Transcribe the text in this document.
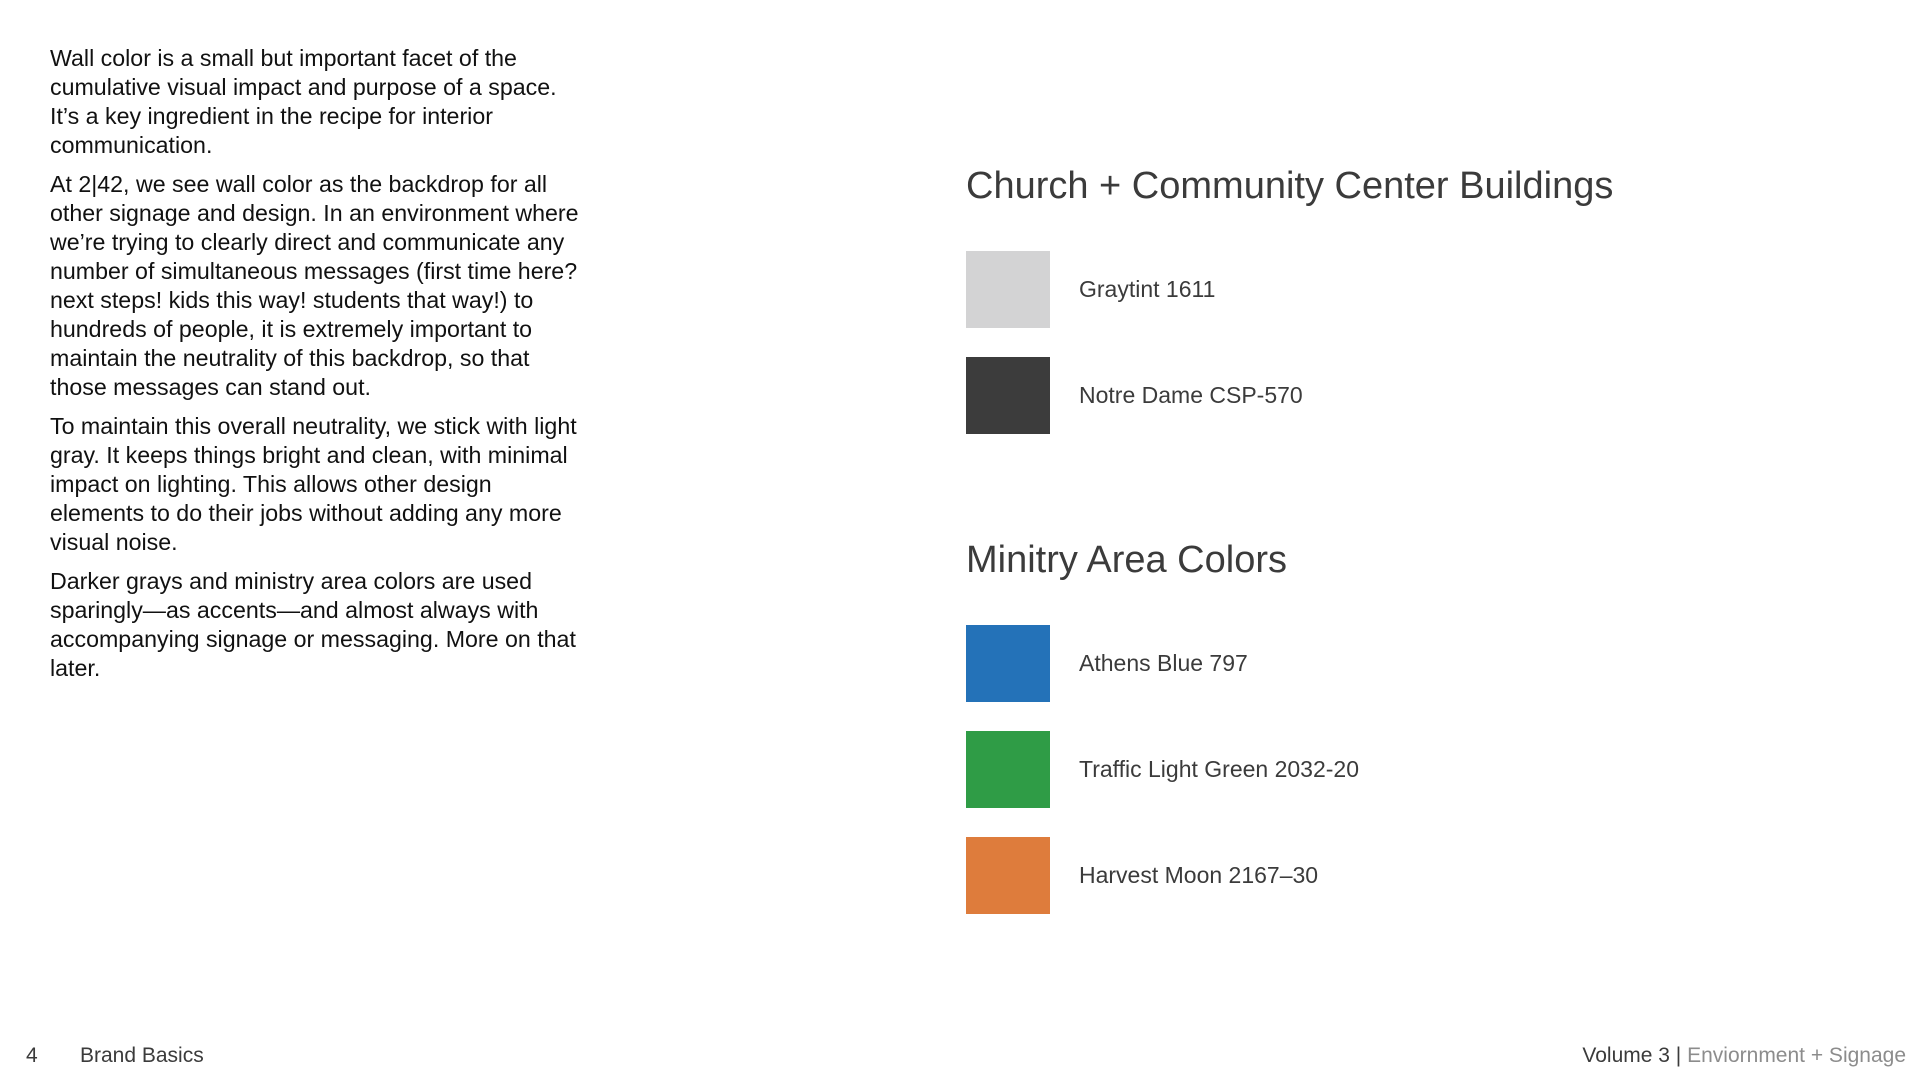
Wall color is a small but important facet of the cumulative visual impact and purpose of a space. It’s a key ingredient in the recipe for interior communication.

At 2|42, we see wall color as the backdrop for all other signage and design. In an environment where we’re trying to clearly direct and communicate any number of simultaneous messages (first time here? next steps! kids this way! students that way!) to hundreds of people, it is extremely important to maintain the neutrality of this backdrop, so that those messages can stand out.

To maintain this overall neutrality, we stick with light gray. It keeps things bright and clean, with minimal impact on lighting. This allows other design elements to do their jobs without adding any more visual noise.

Darker grays and ministry area colors are used sparingly—as accents—and almost always with accompanying signage or messaging. More on that later.

Church + Community Center Buildings
Graytint 1611
Notre Dame CSP-570
Minitry Area Colors
Athens Blue 797
Traffic Light Green 2032-20
Harvest Moon 2167–30
4 Brand Basics	Volume 3 | Enviornment + Signage
